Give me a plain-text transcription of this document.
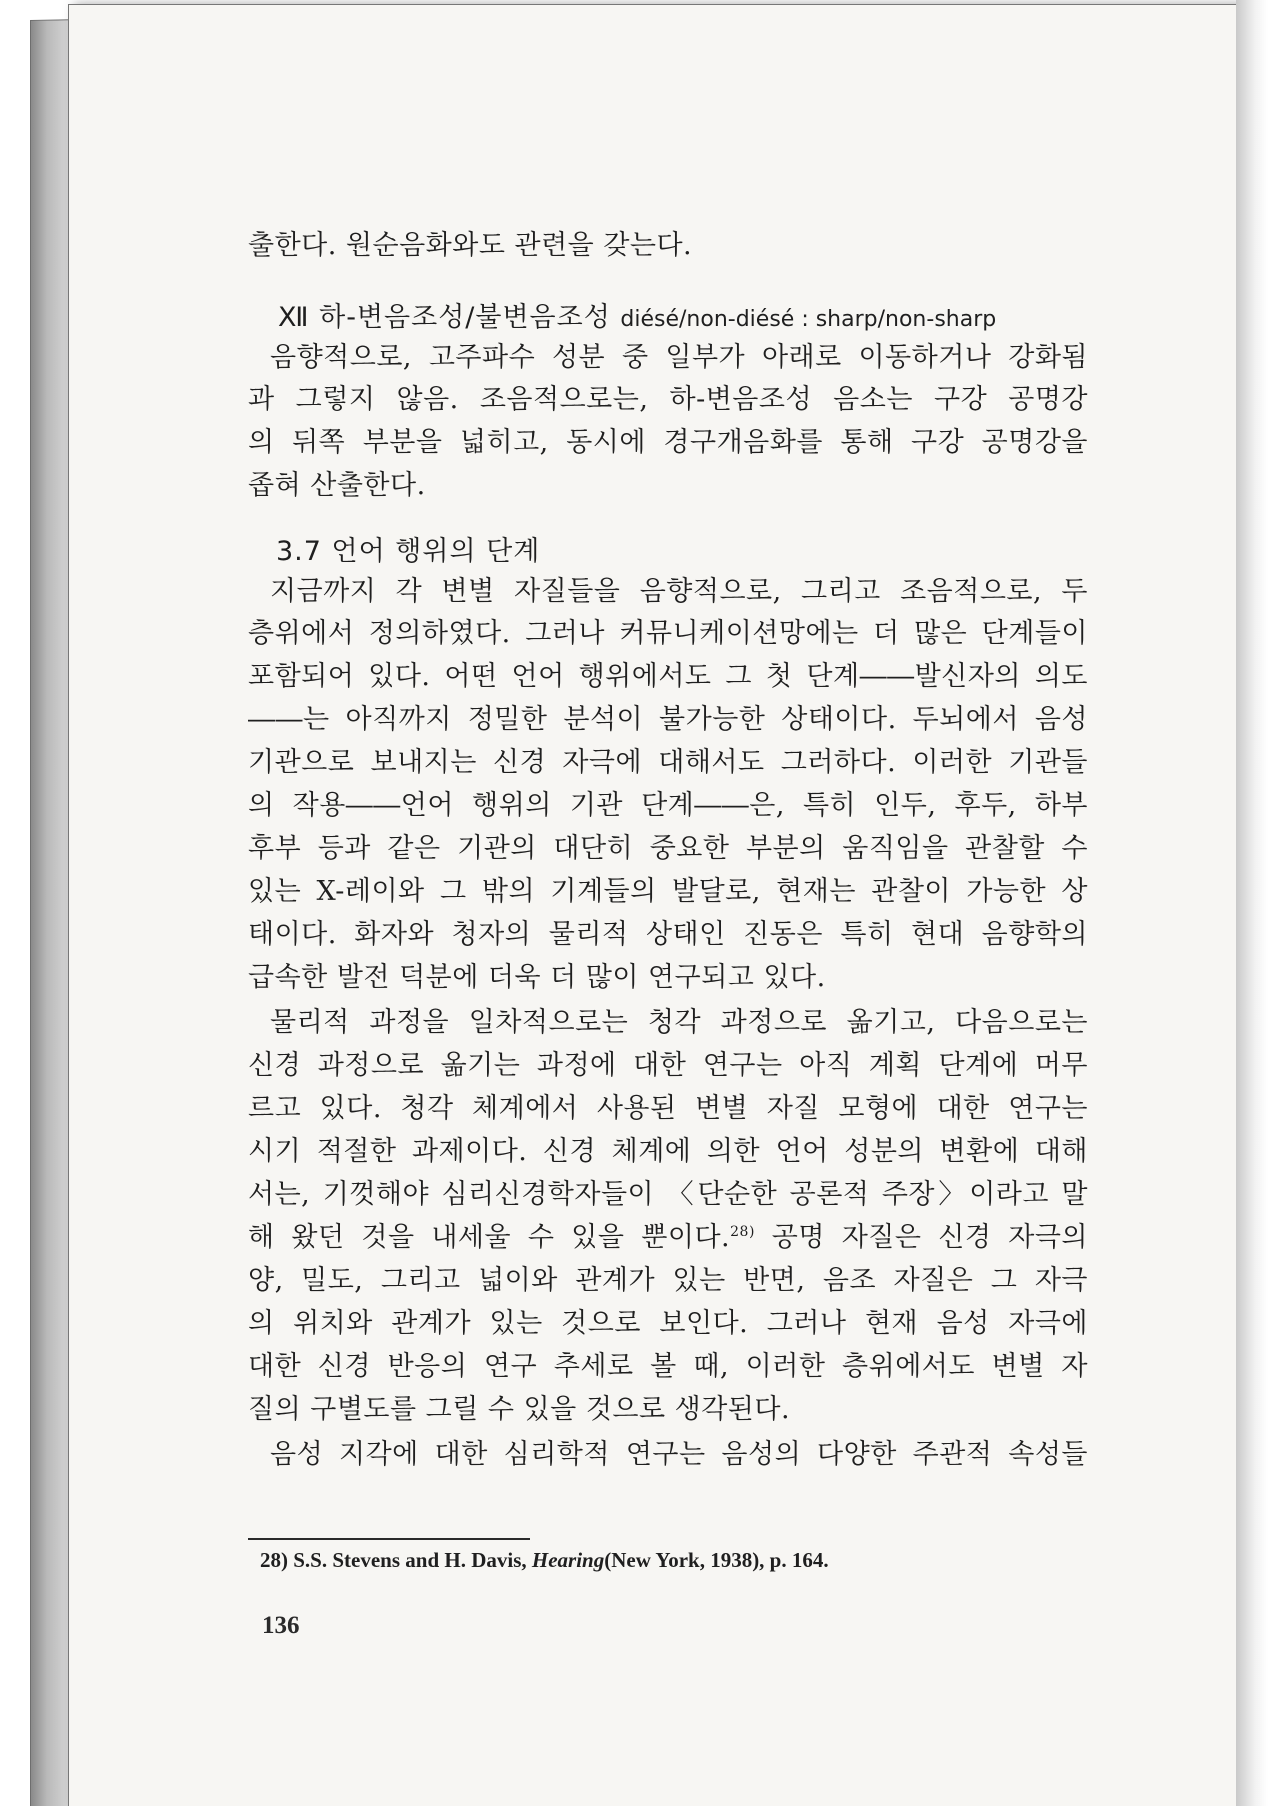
출한다. 원순음화와도 관련을 갖는다.
Ⅻ 하-변음조성/불변음조성 diésé/non-diésé : sharp/non-sharp
음향적으로, 고주파수 성분 중 일부가 아래로 이동하거나 강화됨
과 그렇지 않음. 조음적으로는, 하-변음조성 음소는 구강 공명강
의 뒤쪽 부분을 넓히고, 동시에 경구개음화를 통해 구강 공명강을
좁혀 산출한다.
3.7 언어 행위의 단계
지금까지 각 변별 자질들을 음향적으로, 그리고 조음적으로, 두
층위에서 정의하였다. 그러나 커뮤니케이션망에는 더 많은 단계들이
포함되어 있다. 어떤 언어 행위에서도 그 첫 단계――발신자의 의도
――는 아직까지 정밀한 분석이 불가능한 상태이다. 두뇌에서 음성
기관으로 보내지는 신경 자극에 대해서도 그러하다. 이러한 기관들
의 작용――언어 행위의 기관 단계――은, 특히 인두, 후두, 하부
후부 등과 같은 기관의 대단히 중요한 부분의 움직임을 관찰할 수
있는 X-레이와 그 밖의 기계들의 발달로, 현재는 관찰이 가능한 상
태이다. 화자와 청자의 물리적 상태인 진동은 특히 현대 음향학의
급속한 발전 덕분에 더욱 더 많이 연구되고 있다.
물리적 과정을 일차적으로는 청각 과정으로 옮기고, 다음으로는
신경 과정으로 옮기는 과정에 대한 연구는 아직 계획 단계에 머무
르고 있다. 청각 체계에서 사용된 변별 자질 모형에 대한 연구는
시기 적절한 과제이다. 신경 체계에 의한 언어 성분의 변환에 대해
서는, 기껏해야 심리신경학자들이 〈단순한 공론적 주장〉이라고 말
해 왔던 것을 내세울 수 있을 뿐이다.$^{28)}$ 공명 자질은 신경 자극의
양, 밀도, 그리고 넓이와 관계가 있는 반면, 음조 자질은 그 자극
의 위치와 관계가 있는 것으로 보인다. 그러나 현재 음성 자극에
대한 신경 반응의 연구 추세로 볼 때, 이러한 층위에서도 변별 자
질의 구별도를 그릴 수 있을 것으로 생각된다.
음성 지각에 대한 심리학적 연구는 음성의 다양한 주관적 속성들
28) S.S. Stevens and H. Davis, Hearing(New York, 1938), p. 164.
136
